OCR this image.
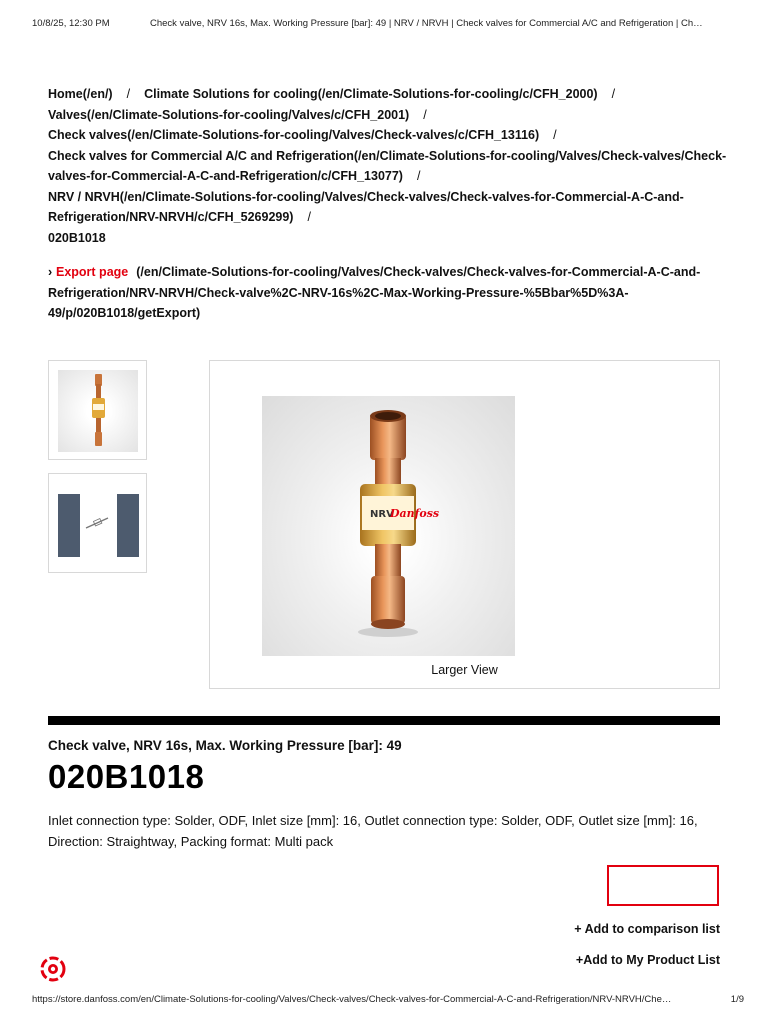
10/8/25, 12:30 PM	Check valve, NRV 16s, Max. Working Pressure [bar]: 49 | NRV / NRVH | Check valves for Commercial A/C and Refrigeration | Ch…
Home(/en/) / Climate Solutions for cooling(/en/Climate-Solutions-for-cooling/c/CFH_2000) /
Valves(/en/Climate-Solutions-for-cooling/Valves/c/CFH_2001) /
Check valves(/en/Climate-Solutions-for-cooling/Valves/Check-valves/c/CFH_13116) /
Check valves for Commercial A/C and Refrigeration(/en/Climate-Solutions-for-cooling/Valves/Check-valves/Check-valves-for-Commercial-A-C-and-Refrigeration/c/CFH_13077) /
NRV / NRVH(/en/Climate-Solutions-for-cooling/Valves/Check-valves/Check-valves-for-Commercial-A-C-and-Refrigeration/NRV-NRVH/c/CFH_5269299) /
020B1018
› Export page (/en/Climate-Solutions-for-cooling/Valves/Check-valves/Check-valves-for-Commercial-A-C-and-Refrigeration/NRV-NRVH/Check-valve%2C-NRV-16s%2C-Max-Working-Pressure-%5Bbar%5D%3A-49/p/020B1018/getExport)
NRV
Danfoss
Larger View
Check valve, NRV 16s, Max. Working Pressure [bar]: 49
020B1018
Inlet connection type: Solder, ODF, Inlet size [mm]: 16, Outlet connection type: Solder, ODF, Outlet size [mm]: 16, Direction: Straightway, Packing format: Multi pack
+ Add to comparison list
+Add to My Product List
https://store.danfoss.com/en/Climate-Solutions-for-cooling/Valves/Check-valves/Check-valves-for-Commercial-A-C-and-Refrigeration/NRV-NRVH/Che…	1/9
